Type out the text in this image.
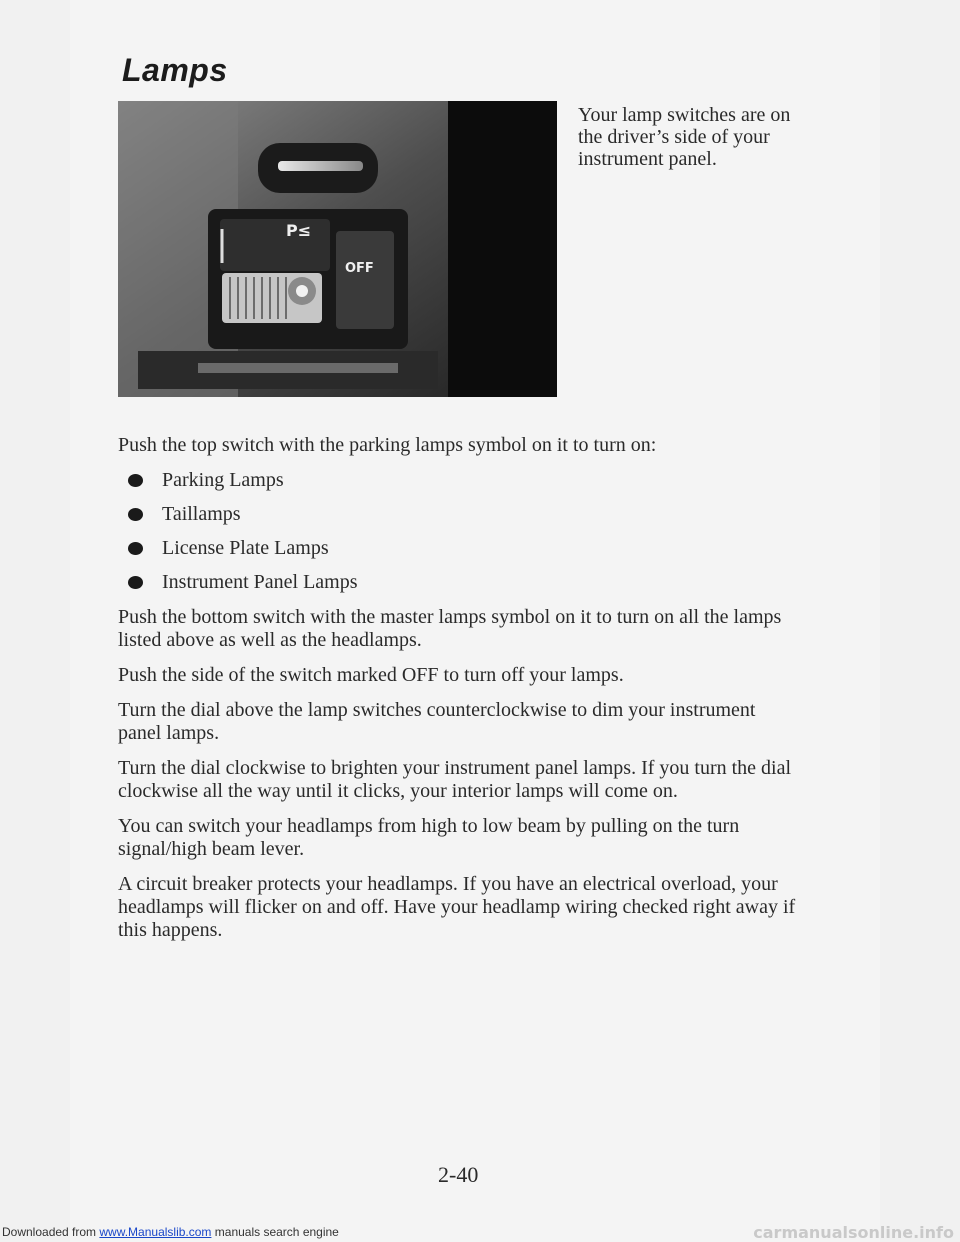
Lamps
P≤
OFF
Your lamp switches are on the driver’s side of your instrument panel.

Push the top switch with the parking lamps symbol on it to turn on:

Parking Lamps
Taillamps
License Plate Lamps
Instrument Panel Lamps

Push the bottom switch with the master lamps symbol on it to turn on all the lamps listed above as well as the headlamps.

Push the side of the switch marked OFF to turn off your lamps.

Turn the dial above the lamp switches counterclockwise to dim your instrument panel lamps.

Turn the dial clockwise to brighten your instrument panel lamps. If you turn the dial clockwise all the way until it clicks, your interior lamps will come on.

You can switch your headlamps from high to low beam by pulling on the turn signal/high beam lever.

A circuit breaker protects your headlamps. If you have an electrical overload, your headlamps will flicker on and off. Have your headlamp wiring checked right away if this happens.

2-40
Downloaded from www.Manualslib.com manuals search engine	carmanualsonline.info
